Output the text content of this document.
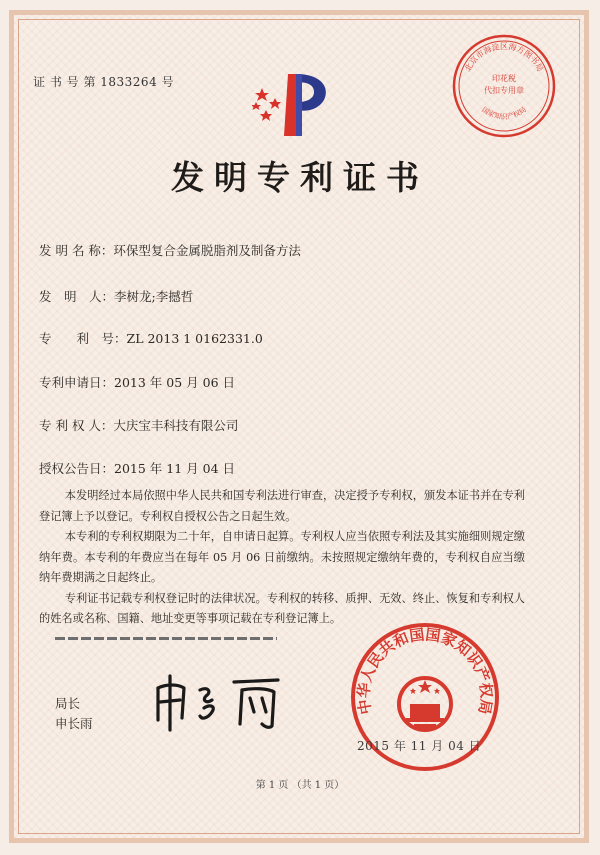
证 书 号 第 1833264 号
北京市海淀区海方图书局
印花税
代扣专用章
国家知识产权局
发明专利证书
发 明 名 称：环保型复合金属脱脂剂及制备方法
发　明　人：李树龙;李撼哲
专　　利　号：ZL 2013 1 0162331.0
专利申请日：2013 年 05 月 06 日
专 利 权 人：大庆宝丰科技有限公司
授权公告日：2015 年 11 月 04 日

本发明经过本局依照中华人民共和国专利法进行审查，决定授予专利权，颁发本证书并在专利登记簿上予以登记。专利权自授权公告之日起生效。

本专利的专利权期限为二十年，自申请日起算。专利权人应当依照专利法及其实施细则规定缴纳年费。本专利的年费应当在每年 05 月 06 日前缴纳。未按照规定缴纳年费的，专利权自应当缴纳年费期满之日起终止。

专利证书记载专利权登记时的法律状况。专利权的转移、质押、无效、终止、恢复和专利权人的姓名或名称、国籍、地址变更等事项记载在专利登记簿上。

局长
申长雨
中华人民共和国国家知识产权局
2015 年 11 月 04 日
第 1 页 （共 1 页）
